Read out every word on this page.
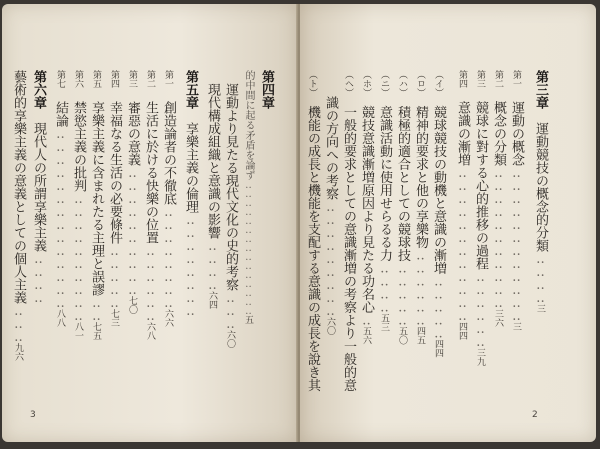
3	2
第三章　運動競技の概念的分類‥‥‥‥三
第一　運動の概念‥‥‥‥‥‥‥‥‥‥‥‥三
第二　概念の分類‥‥‥‥‥‥‥‥‥‥‥三六
第三　競球に對する心的推移の過程‥‥‥‥‥‥三九
第四　意識の漸増‥‥‥‥‥‥‥‥‥‥‥‥四四
（イ）　競球競技の動機と意識の漸増‥‥‥‥‥四四
（ロ）　精神的要求と他の享樂物‥‥‥‥‥‥四五
（ハ）　積極的適合としての競球技‥‥‥‥‥五〇
（ニ）　意識活動に使用せらるる力‥‥‥‥五三
（ホ）　競技意識漸増原因より見たる功名心‥五六
（ヘ）　一般的要求としての意識漸増の考察より一般的意
　　識の方向への考察‥‥‥‥‥‥‥‥‥六〇
（ト）　機能の成長と機能を支配する意識の成長を說き其
第四章
的中間に起る矛盾を論ず‥‥‥‥‥‥‥‥‥‥‥‥‥‥‥五
　運動より見たる現代文化の史的考察‥‥‥六〇
　現代構成組織と意識の影響‥‥‥‥六四
第五章　享樂主義の倫理‥‥‥‥‥‥‥‥
第一　創造論者の不徹底‥‥‥‥‥‥‥‥六六
第二　生活に於ける快樂の位置‥‥‥‥‥‥六八
第三　審惡の意義‥‥‥‥‥‥‥‥‥‥七〇
第四　幸福なる生活の必要條件‥‥‥‥‥七三
第五　享樂主義に含まれたる主理と誤謬‥‥七五
第六　禁慾主義の批判‥‥‥‥‥‥‥‥‥‥八一
第七　結論‥‥‥‥‥‥‥‥‥‥‥‥‥‥八八
第六章　現代人の所謂享樂主義‥‥‥‥
藝術的享樂主義の意義としての個人主義‥‥‥九六
